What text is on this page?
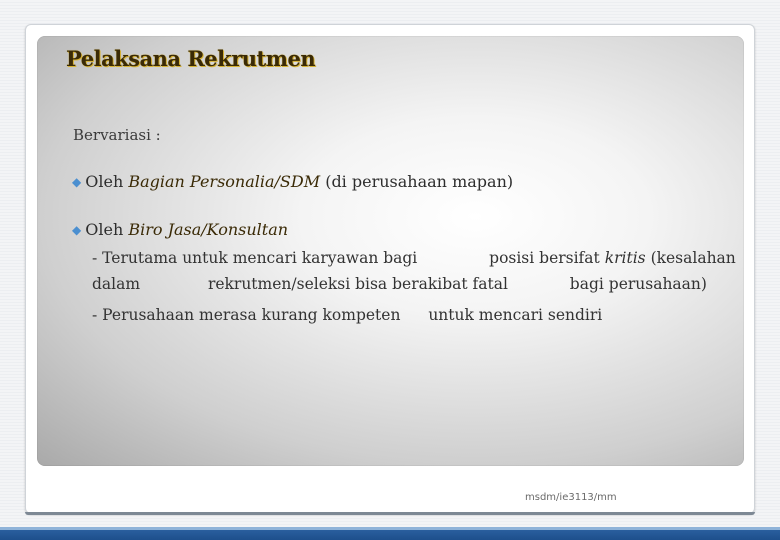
Pelaksana Rekrutmen
Bervariasi :
◆ Oleh Bagian Personalia/SDM (di perusahaan mapan)
◆ Oleh Biro Jasa/Konsultan
- Terutama untuk mencari karyawan bagi	posisi bersifat kritis (kesalahan
dalam	rekrutmen/seleksi bisa berakibat fatal	bagi perusahaan)
- Perusahaan merasa kurang kompeten untuk mencari sendiri
msdm/ie3113/mm
